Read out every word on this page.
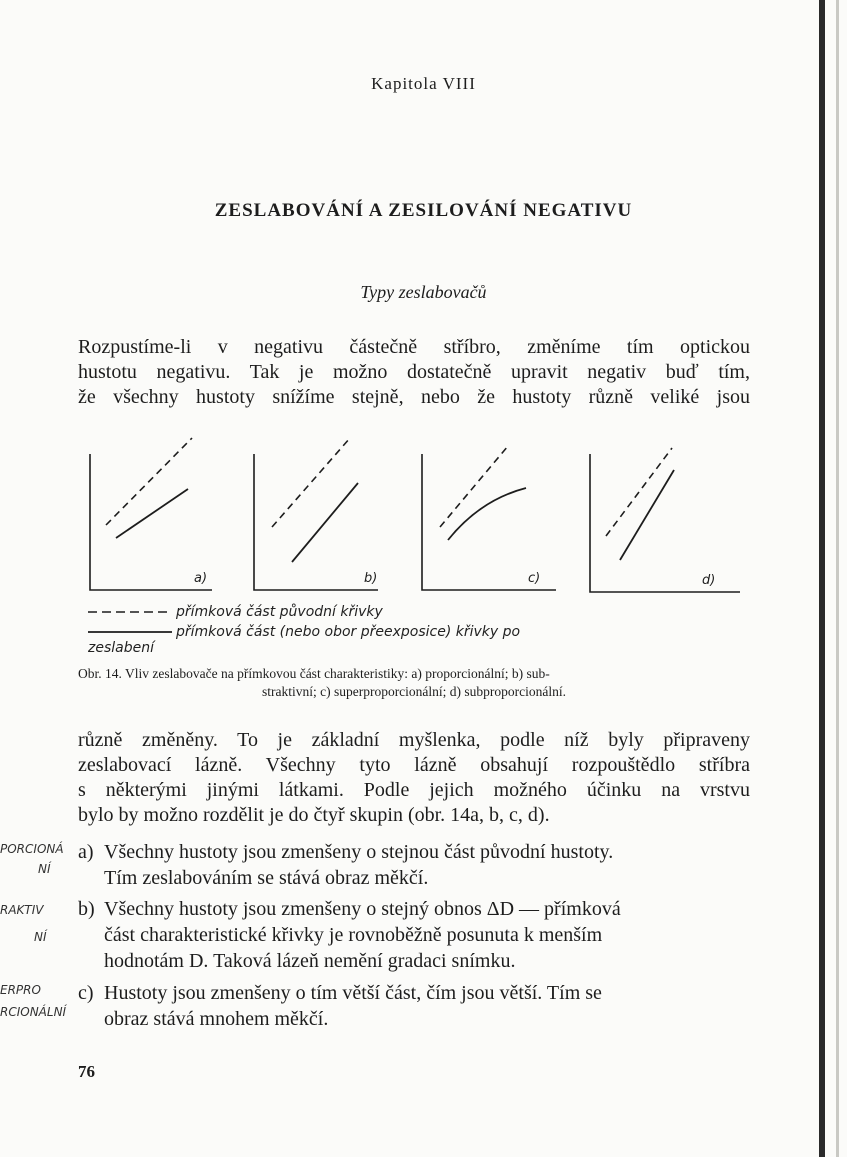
Kapitola VIII
ZESLABOVÁNÍ A ZESILOVÁNÍ NEGATIVU
Typy zeslabovačů
Rozpustíme-li v negativu částečně stříbro, změníme tím optickou
hustotu negativu. Tak je možno dostatečně upravit negativ buď tím,
že všechny hustoty snížíme stejně, nebo že hustoty různě veliké jsou
a)	b)	c)	d)
přímková část původní křivky
přímková část (nebo obor přeexposice) křivky po zeslabení
Obr. 14. Vliv zeslabovače na přímkovou část charakteristiky: a) proporcionální; b) sub-
straktivní; c) superproporcionální; d) subproporcionální.
různě změněny. To je základní myšlenka, podle níž byly připraveny
zeslabovací lázně. Všechny tyto lázně obsahují rozpouštědlo stříbra
s některými jinými látkami. Podle jejich možného účinku na vrstvu
bylo by možno rozdělit je do čtyř skupin (obr. 14a, b, c, d).
a) Všechny hustoty jsou zmenšeny o stejnou část původní hustoty.
Tím zeslabováním se stává obraz měkčí.
b) Všechny hustoty jsou zmenšeny o stejný obnos ΔD — přímková
část charakteristické křivky je rovnoběžně posunuta k menším
hodnotám D. Taková lázeň nemění gradaci snímku.
c) Hustoty jsou zmenšeny o tím větší část, čím jsou větší. Tím se
obraz stává mnohem měkčí.
PORCIONÁ
NÍ
RAKTIV
NÍ
ERPRO
RCIONÁLNÍ
76
